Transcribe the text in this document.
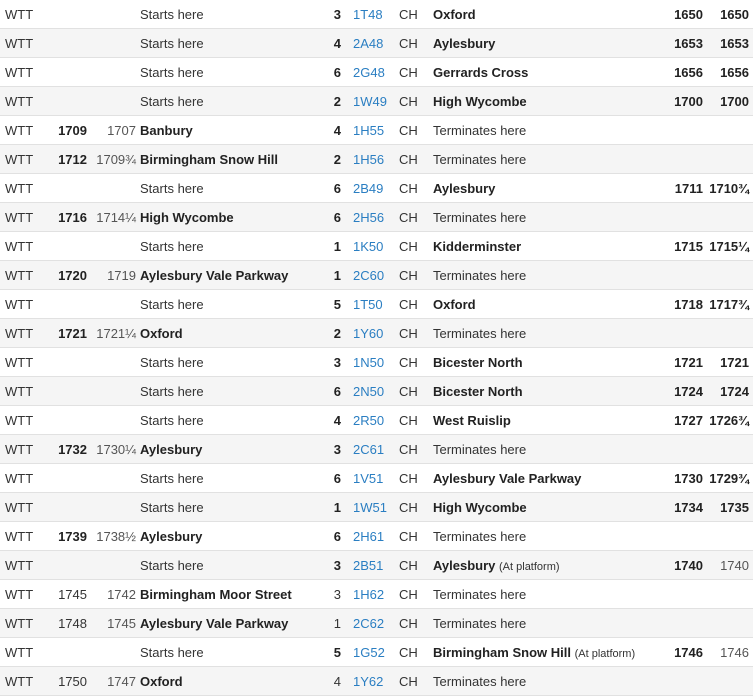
WTT			Starts here	3	1T48	CH	Oxford	1650	1650
WTT			Starts here	4	2A48	CH	Aylesbury	1653	1653
WTT			Starts here	6	2G48	CH	Gerrards Cross	1656	1656
WTT			Starts here	2	1W49	CH	High Wycombe	1700	1700
WTT	1709	1707	Banbury	4	1H55	CH	Terminates here		
WTT	1712	1709¾	Birmingham Snow Hill	2	1H56	CH	Terminates here		
WTT			Starts here	6	2B49	CH	Aylesbury	1711	1710¾
WTT	1716	1714¼	High Wycombe	6	2H56	CH	Terminates here		
WTT			Starts here	1	1K50	CH	Kidderminster	1715	1715¼
WTT	1720	1719	Aylesbury Vale Parkway	1	2C60	CH	Terminates here		
WTT			Starts here	5	1T50	CH	Oxford	1718	1717¾
WTT	1721	1721¼	Oxford	2	1Y60	CH	Terminates here		
WTT			Starts here	3	1N50	CH	Bicester North	1721	1721
WTT			Starts here	6	2N50	CH	Bicester North	1724	1724
WTT			Starts here	4	2R50	CH	West Ruislip	1727	1726¾
WTT	1732	1730¼	Aylesbury	3	2C61	CH	Terminates here		
WTT			Starts here	6	1V51	CH	Aylesbury Vale Parkway	1730	1729¾
WTT			Starts here	1	1W51	CH	High Wycombe	1734	1735
WTT	1739	1738½	Aylesbury	6	2H61	CH	Terminates here		
WTT			Starts here	3	2B51	CH	Aylesbury (At platform)	1740	1740
WTT	1745	1742	Birmingham Moor Street	3	1H62	CH	Terminates here		
WTT	1748	1745	Aylesbury Vale Parkway	1	2C62	CH	Terminates here		
WTT			Starts here	5	1G52	CH	Birmingham Snow Hill (At platform)	1746	1746
WTT	1750	1747	Oxford	4	1Y62	CH	Terminates here		
